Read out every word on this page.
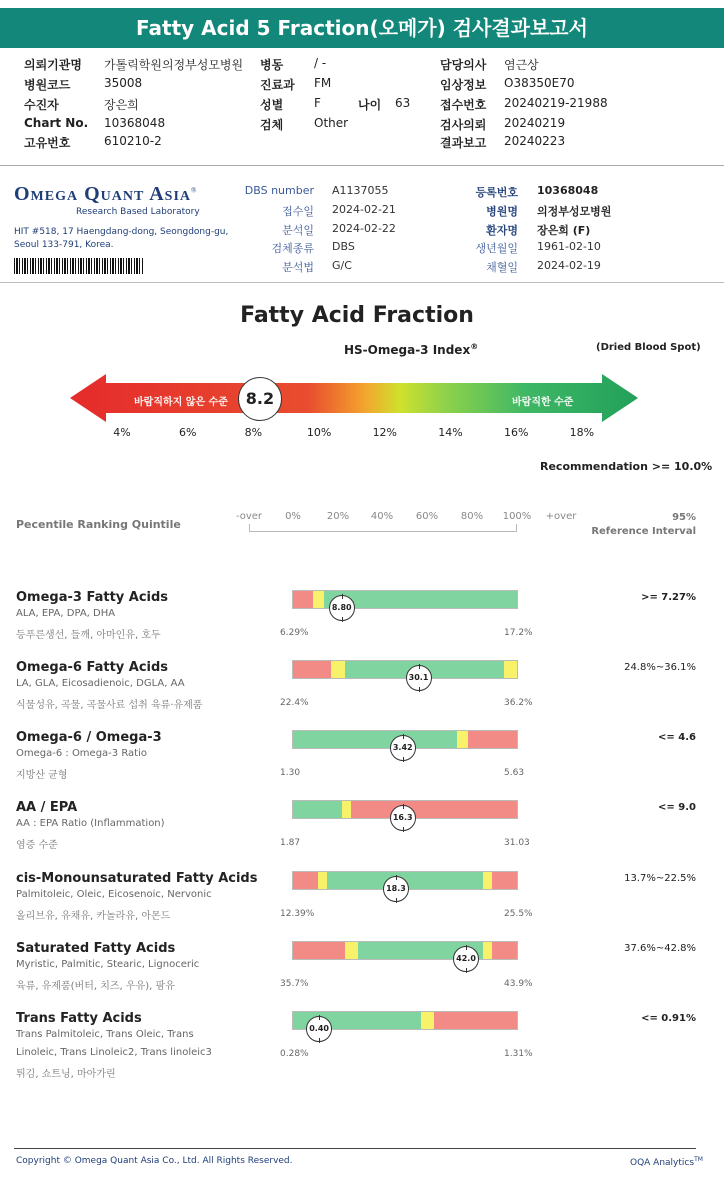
Fatty Acid 5 Fraction(오메가) 검사결과보고서
의뢰기관명 가톨릭학원의정부성모병원 병동	/ -	담당의사 염근상
병원코드	35008	진료과 FM	임상정보 O38350E70
수진자	장은희	성별	F	나이 63 접수번호 20240219-21988
Chart No. 10368048	검체	Other	검사의뢰 20240219
고유번호	610210-2	결과보고 20240223
Omega Quant Asia®
Research Based Laboratory
HIT #518, 17 Haengdang-dong, Seongdong-gu,
Seoul 133-791, Korea.
DBS number A1137055
접수일 2024-02-21
분석일 2024-02-22
검체종류 DBS
분석법 G/C
등록번호 10368048
병원명 의정부성모병원
환자명 장은희 (F)
생년월일 1961-02-10
채혈일 2024-02-19
Fatty Acid Fraction
HS-Omega-3 Index®	(Dried Blood Spot)
바람직하지 않은 수준	바람직한 수준
8.2
4%	6%	8%	10%	12%	14%	16%	18%
Recommendation >= 10.0%
Pecentile Ranking Quintile
-over	0%	20%	40%	60%	80%	100%	+over	95%
Reference Interval
Omega-3 Fatty Acids
ALA, EPA, DPA, DHA
등푸른생선, 들깨, 아마인유, 호두
8.80
6.29%	17.2%
>= 7.27%
Omega-6 Fatty Acids
LA, GLA, Eicosadienoic, DGLA, AA
식물성유, 곡물, 곡물사료 섭취 육류·유제품
30.1
22.4%	36.2%
24.8%~36.1%
Omega-6 / Omega-3
Omega-6 : Omega-3 Ratio
지방산 균형
3.42
1.30	5.63
<= 4.6
AA / EPA
AA : EPA Ratio (Inflammation)
염증 수준
16.3
1.87	31.03
<= 9.0
cis-Monounsaturated Fatty Acids
Palmitoleic, Oleic, Eicosenoic, Nervonic
올리브유, 유채유, 카놀라유, 아몬드
18.3
12.39%	25.5%
13.7%~22.5%
Saturated Fatty Acids
Myristic, Palmitic, Stearic, Lignoceric
육류, 유제품(버터, 치즈, 우유), 팜유
42.0
35.7%	43.9%
37.6%~42.8%
Trans Fatty Acids
Trans Palmitoleic, Trans Oleic, Trans
Linoleic, Trans Linoleic2, Trans linoleic3
튀김, 쇼트닝, 마아가린
0.40
0.28%	1.31%
<= 0.91%
Copyright © Omega Quant Asia Co., Ltd. All Rights Reserved.	OQA Analytics™
